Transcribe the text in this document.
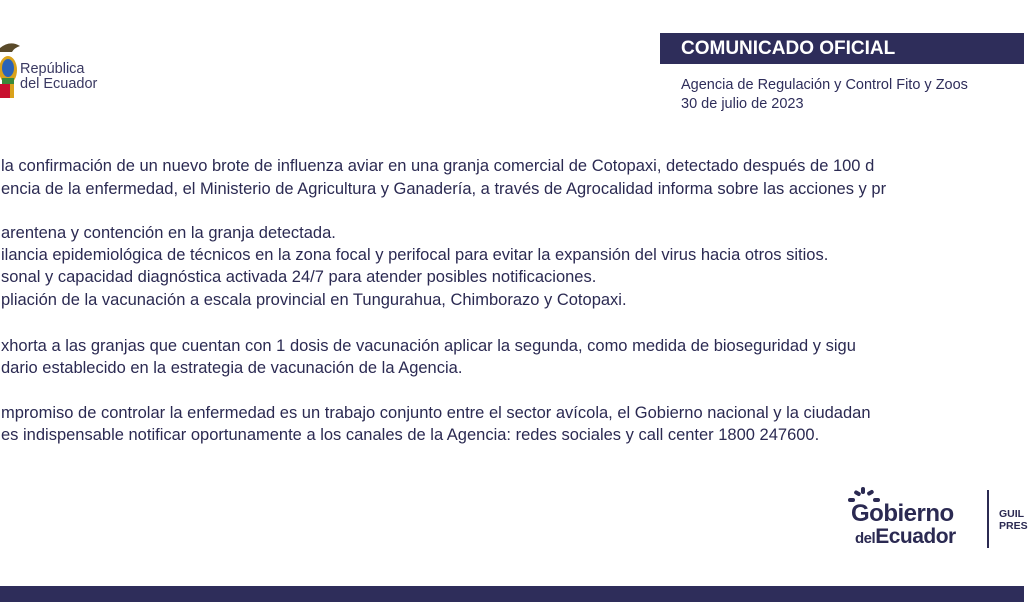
República
del Ecuador
COMUNICADO OFICIAL
Agencia de Regulación y Control Fito y Zoos
30 de julio de 2023
la confirmación de un nuevo brote de influenza aviar en una granja comercial de Cotopaxi, detectado después de 100 d
encia de la enfermedad, el Ministerio de Agricultura y Ganadería, a través de Agrocalidad informa sobre las acciones y pr
arentena y contención en la granja detectada.
ilancia epidemiológica de técnicos en la zona focal y perifocal para evitar la expansión del virus hacia otros sitios.
sonal y capacidad diagnóstica activada 24/7 para atender posibles notificaciones.
pliación de la vacunación a escala provincial en Tungurahua, Chimborazo y Cotopaxi.
xhorta a las granjas que cuentan con 1 dosis de vacunación aplicar la segunda, como medida de bioseguridad y sigu
dario establecido en la estrategia de vacunación de la Agencia.
mpromiso de controlar la enfermedad es un trabajo conjunto entre el sector avícola, el Gobierno nacional y la ciudadan
es indispensable notificar oportunamente a los canales de la Agencia: redes sociales y call center 1800 247600.
Gobierno
delEcuador
GUIL
PRES
